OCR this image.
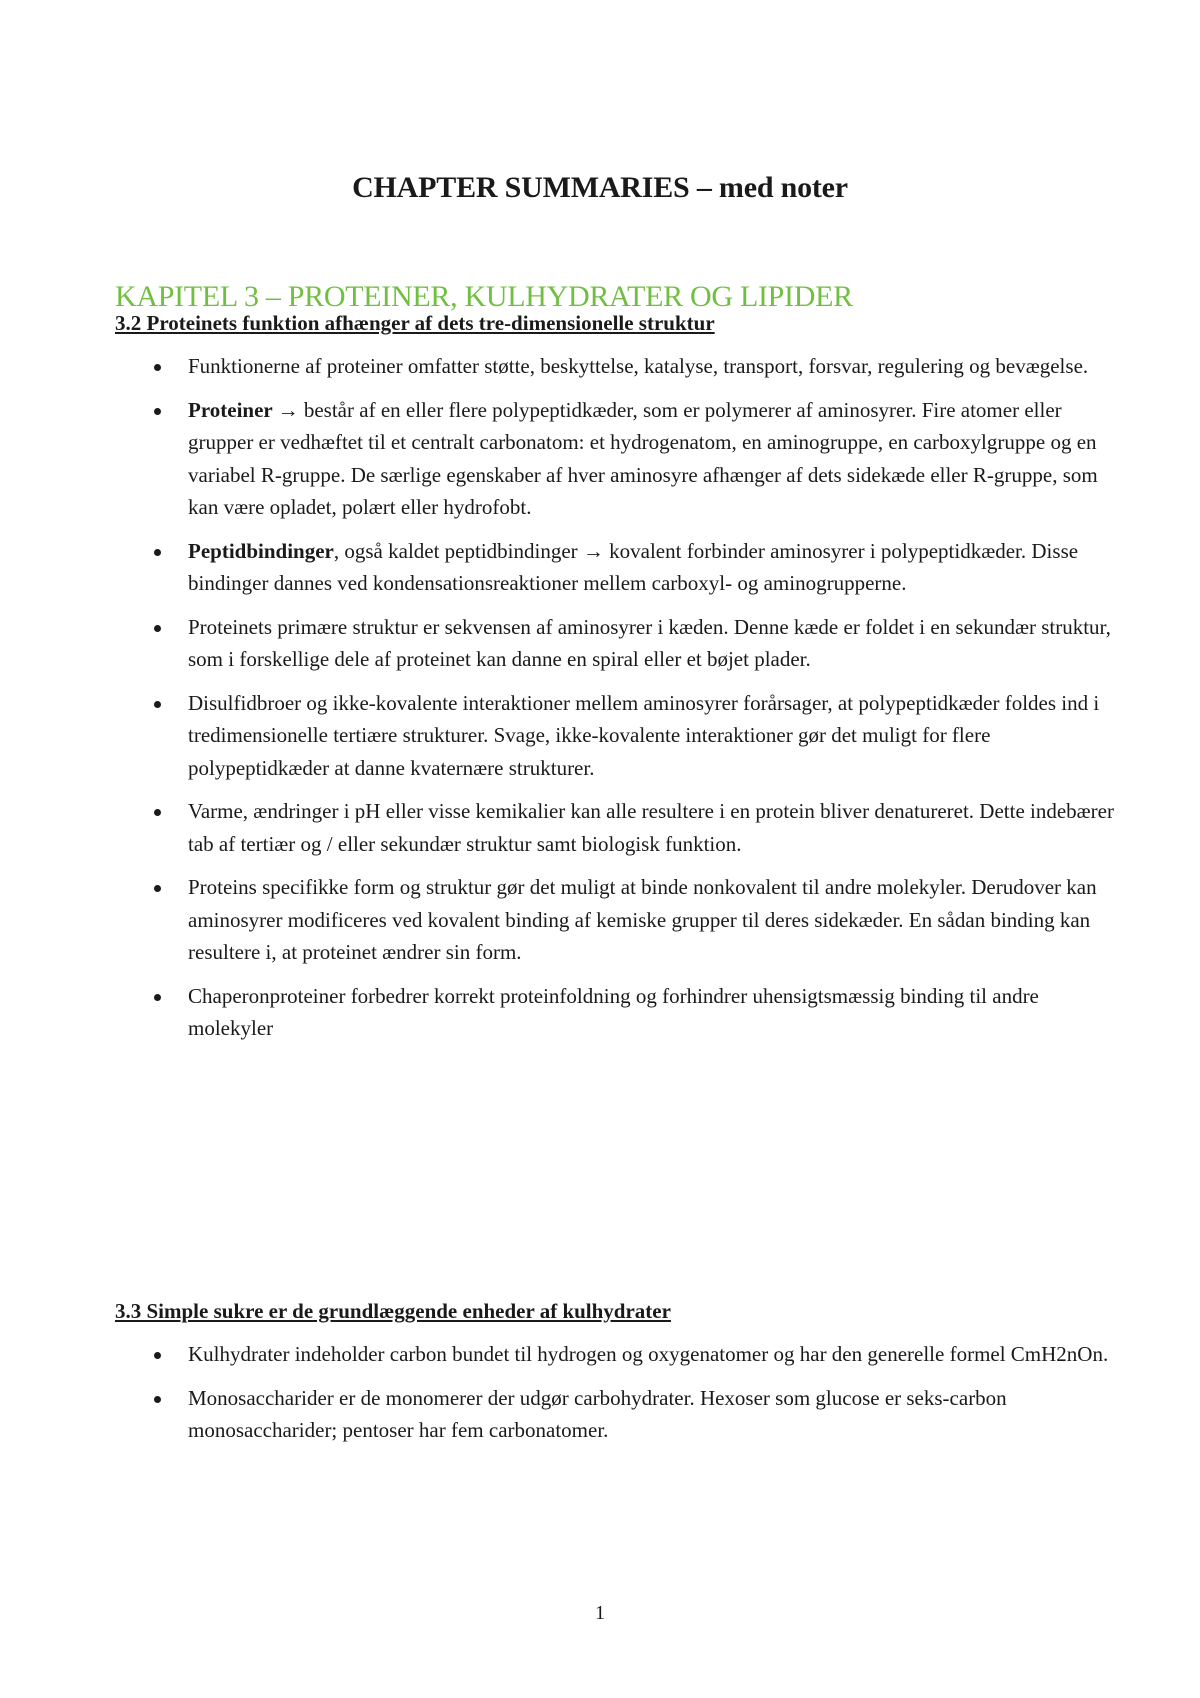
CHAPTER SUMMARIES – med noter
KAPITEL 3 – PROTEINER, KULHYDRATER OG LIPIDER
3.2 Proteinets funktion afhænger af dets tre-dimensionelle struktur
Funktionerne af proteiner omfatter støtte, beskyttelse, katalyse, transport, forsvar, regulering og bevægelse.
Proteiner → består af en eller flere polypeptidkæder, som er polymerer af aminosyrer. Fire atomer eller grupper er vedhæftet til et centralt carbonatom: et hydrogenatom, en aminogruppe, en carboxylgruppe og en variabel R-gruppe. De særlige egenskaber af hver aminosyre afhænger af dets sidekæde eller R-gruppe, som kan være opladet, polært eller hydrofobt.
Peptidbindinger, også kaldet peptidbindinger → kovalent forbinder aminosyrer i polypeptidkæder. Disse bindinger dannes ved kondensationsreaktioner mellem carboxyl- og aminogrupperne.
Proteinets primære struktur er sekvensen af aminosyrer i kæden. Denne kæde er foldet i en sekundær struktur, som i forskellige dele af proteinet kan danne en spiral eller et bøjet plader.
Disulfidbroer og ikke-kovalente interaktioner mellem aminosyrer forårsager, at polypeptidkæder foldes ind i tredimensionelle tertiære strukturer. Svage, ikke-kovalente interaktioner gør det muligt for flere polypeptidkæder at danne kvaternære strukturer.
Varme, ændringer i pH eller visse kemikalier kan alle resultere i en protein bliver denatureret. Dette indebærer tab af tertiær og / eller sekundær struktur samt biologisk funktion.
Proteins specifikke form og struktur gør det muligt at binde nonkovalent til andre molekyler. Derudover kan aminosyrer modificeres ved kovalent binding af kemiske grupper til deres sidekæder. En sådan binding kan resultere i, at proteinet ændrer sin form.
Chaperonproteiner forbedrer korrekt proteinfoldning og forhindrer uhensigtsmæssig binding til andre molekyler
3.3 Simple sukre er de grundlæggende enheder af kulhydrater
Kulhydrater indeholder carbon bundet til hydrogen og oxygenatomer og har den generelle formel CmH2nOn.
Monosaccharider er de monomerer der udgør carbohydrater. Hexoser som glucose er seks-carbon monosaccharider; pentoser har fem carbonatomer.
1
